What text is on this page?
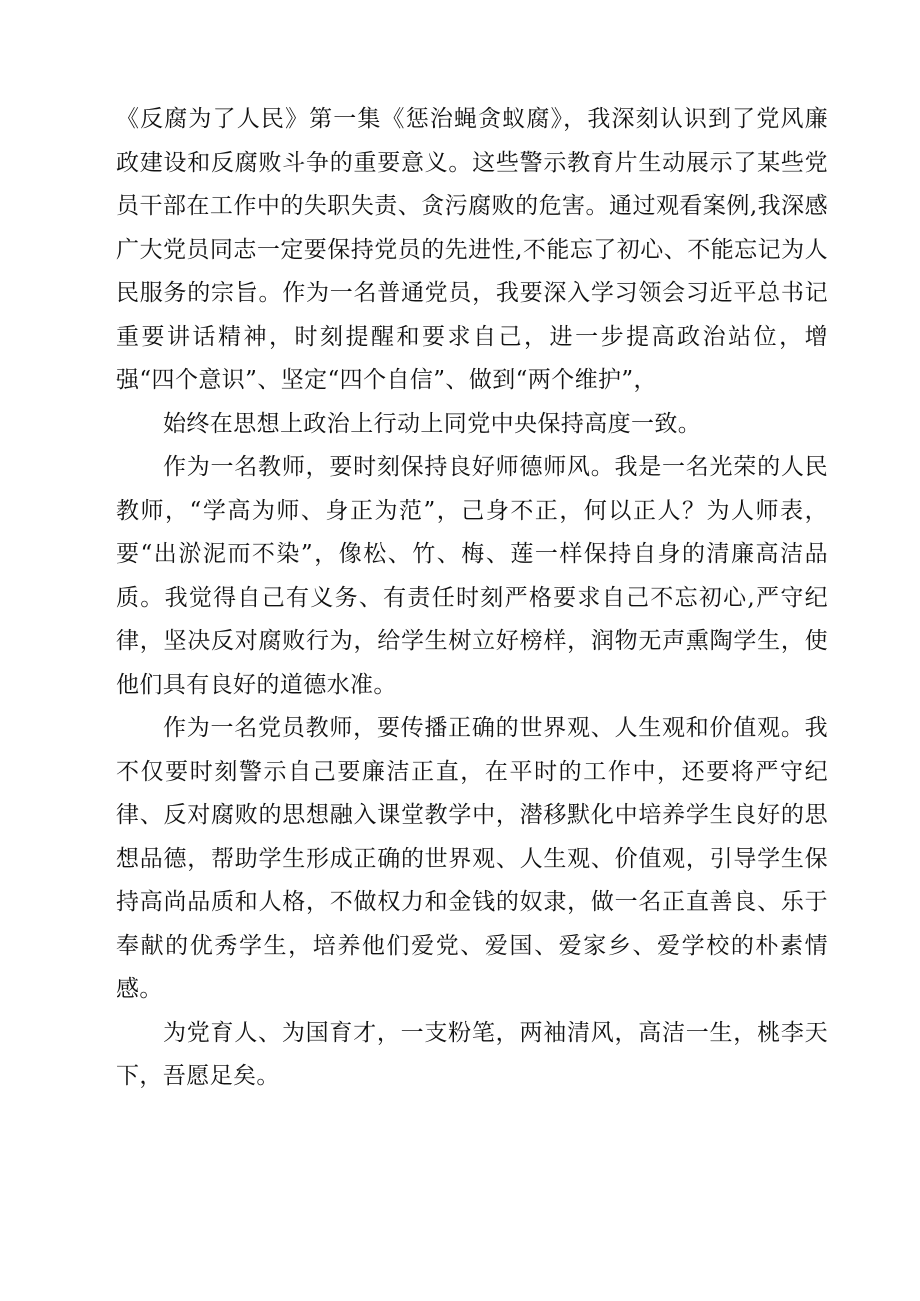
《反腐为了人民》第一集《惩治蝇贪蚁腐》，我深刻认识到了党风廉政建设和反腐败斗争的重要意义。这些警示教育片生动展示了某些党员干部在工作中的失职失责、贪污腐败的危害。通过观看案例,我深感广大党员同志一定要保持党员的先进性,不能忘了初心、不能忘记为人民服务的宗旨。作为一名普通党员，我要深入学习领会习近平总书记重要讲话精神，时刻提醒和要求自己，进一步提高政治站位，增强“四个意识”、坚定“四个自信”、做到“两个维护”，

始终在思想上政治上行动上同党中央保持高度一致。

作为一名教师，要时刻保持良好师德师风。我是一名光荣的人民教师，“学高为师、身正为范”，己身不正，何以正人？为人师表，要“出淤泥而不染”，像松、竹、梅、莲一样保持自身的清廉高洁品质。我觉得自己有义务、有责任时刻严格要求自己不忘初心,严守纪律，坚决反对腐败行为，给学生树立好榜样，润物无声熏陶学生，使他们具有良好的道德水准。

作为一名党员教师，要传播正确的世界观、人生观和价值观。我不仅要时刻警示自己要廉洁正直，在平时的工作中，还要将严守纪律、反对腐败的思想融入课堂教学中，潜移默化中培养学生良好的思想品德，帮助学生形成正确的世界观、人生观、价值观，引导学生保持高尚品质和人格，不做权力和金钱的奴隶，做一名正直善良、乐于奉献的优秀学生，培养他们爱党、爱国、爱家乡、爱学校的朴素情感。

为党育人、为国育才，一支粉笔，两袖清风，高洁一生，桃李天下，吾愿足矣。
